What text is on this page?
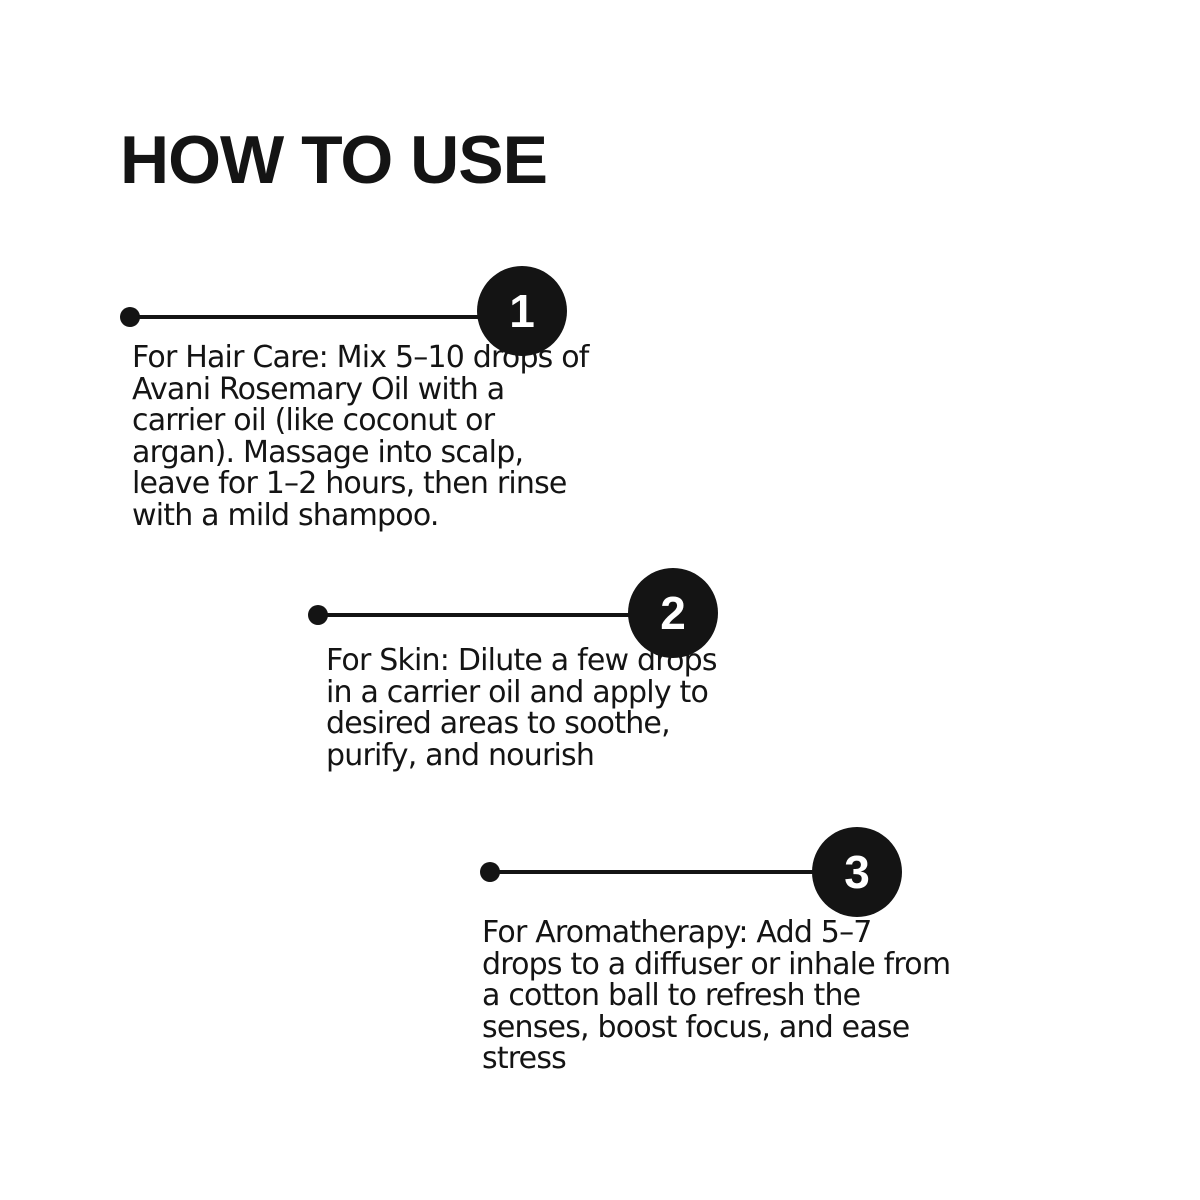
HOW TO USE
1

For Hair Care: Mix 5–10 drops of Avani Rosemary Oil with a carrier oil (like coconut or argan). Massage into scalp, leave for 1–2 hours, then rinse with a mild shampoo.

2

For Skin: Dilute a few drops in a carrier oil and apply to desired areas to soothe, purify, and nourish

3

For Aromatherapy: Add 5–7 drops to a diffuser or inhale from a cotton ball to refresh the senses, boost focus, and ease stress
